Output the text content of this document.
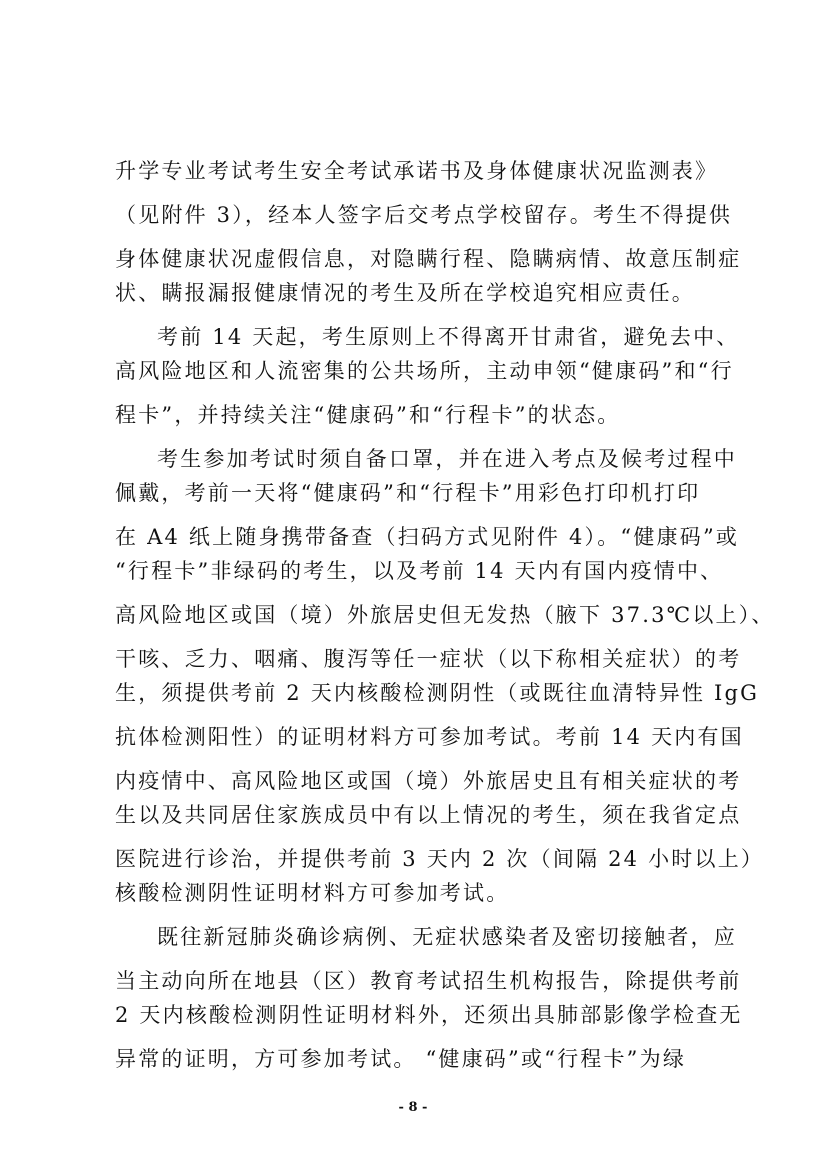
升学专业考试考生安全考试承诺书及身体健康状况监测表》

（见附件 3），经本人签字后交考点学校留存。考生不得提供

身体健康状况虚假信息，对隐瞒行程、隐瞒病情、故意压制症

状、瞒报漏报健康情况的考生及所在学校追究相应责任。

考前 14 天起，考生原则上不得离开甘肃省，避免去中、

高风险地区和人流密集的公共场所，主动申领“健康码”和“行

程卡”，并持续关注“健康码”和“行程卡”的状态。

考生参加考试时须自备口罩，并在进入考点及候考过程中

佩戴，考前一天将“健康码”和“行程卡”用彩色打印机打印

在 A4 纸上随身携带备查（扫码方式见附件 4）。“健康码”或

“行程卡”非绿码的考生，以及考前 14 天内有国内疫情中、

高风险地区或国（境）外旅居史但无发热（腋下 37.3℃以上）、

干咳、乏力、咽痛、腹泻等任一症状（以下称相关症状）的考

生，须提供考前 2 天内核酸检测阴性（或既往血清特异性 IgG

抗体检测阳性）的证明材料方可参加考试。考前 14 天内有国

内疫情中、高风险地区或国（境）外旅居史且有相关症状的考

生以及共同居住家族成员中有以上情况的考生，须在我省定点

医院进行诊治，并提供考前 3 天内 2 次（间隔 24 小时以上）

核酸检测阴性证明材料方可参加考试。

既往新冠肺炎确诊病例、无症状感染者及密切接触者，应

当主动向所在地县（区）教育考试招生机构报告，除提供考前

2 天内核酸检测阴性证明材料外，还须出具肺部影像学检查无

异常的证明，方可参加考试。 “健康码”或“行程卡”为绿

- 8 -
